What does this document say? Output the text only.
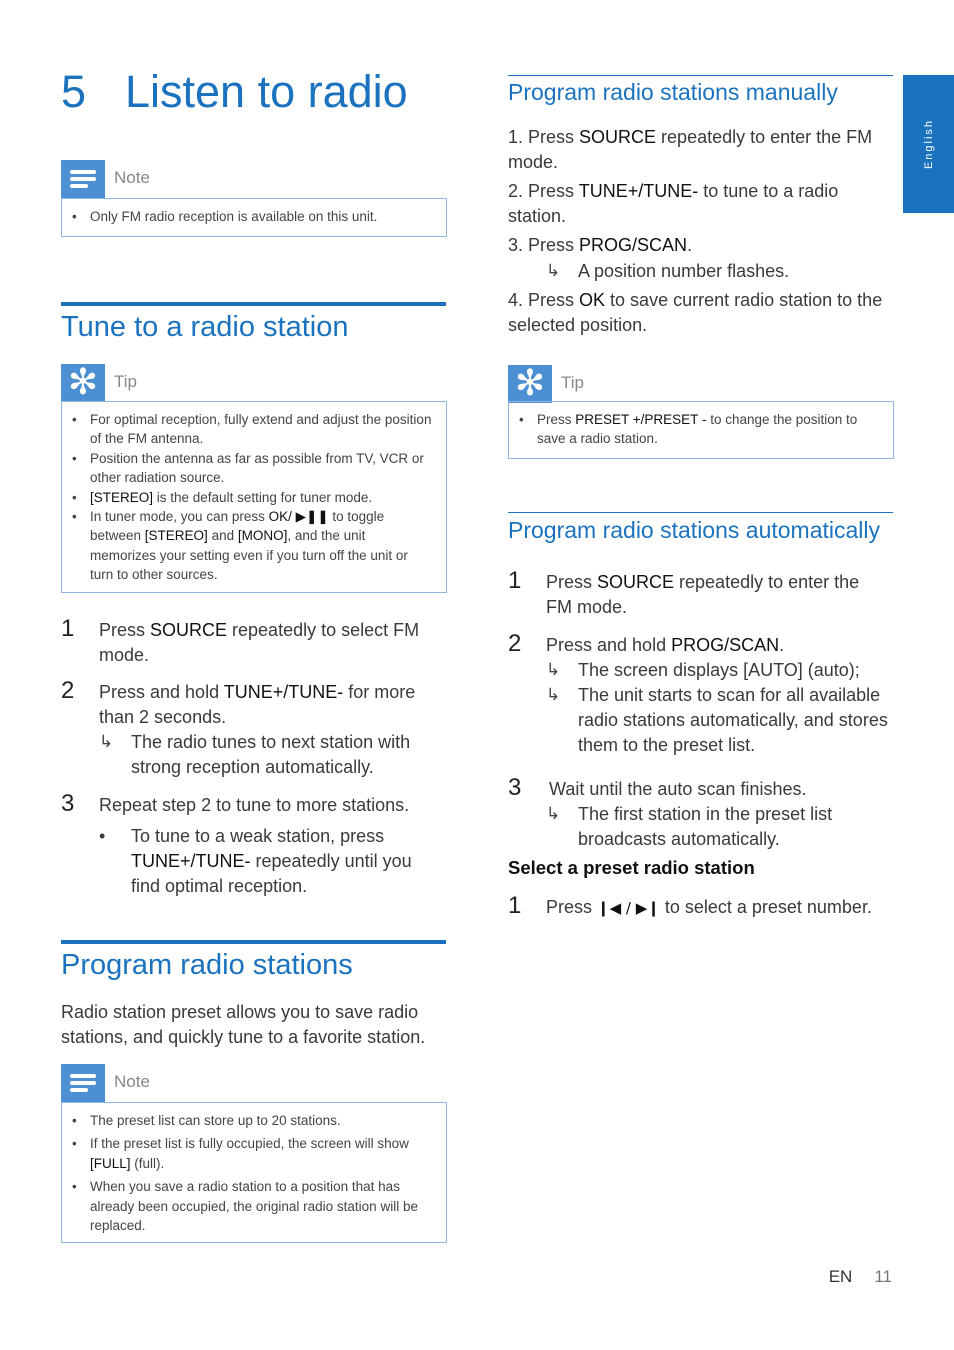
5 Listen to radio
English
Note
• Only FM radio reception is available on this unit.
Tune to a radio station
✻ Tip
• For optimal reception, fully extend and adjust the position of the FM antenna.
• Position the antenna as far as possible from TV, VCR or other radiation source.
• [STEREO] is the default setting for tuner mode.
• In tuner mode, you can press OK/ ▶❚❚ to toggle between [STEREO] and [MONO], and the unit memorizes your setting even if you turn off the unit or turn to other sources.
1 Press SOURCE repeatedly to select FM mode.
2 Press and hold TUNE+/TUNE- for more than 2 seconds.
↳ The radio tunes to next station with strong reception automatically.
3 Repeat step 2 to tune to more stations.
• To tune to a weak station, press TUNE+/TUNE- repeatedly until you find optimal reception.
Program radio stations
Radio station preset allows you to save radio stations, and quickly tune to a favorite station.
Note
• The preset list can store up to 20 stations.
• If the preset list is fully occupied, the screen will show [FULL] (full).
• When you save a radio station to a position that has already been occupied, the original radio station will be replaced.
Program radio stations manually
1. Press SOURCE repeatedly to enter the FM mode.
2. Press TUNE+/TUNE- to tune to a radio station.
3. Press PROG/SCAN.
↳ A position number flashes.
4. Press OK to save current radio station to the selected position.
✻ Tip
• Press PRESET +/PRESET - to change the position to save a radio station.
Program radio stations automatically
1 Press SOURCE repeatedly to enter the FM mode.
2 Press and hold PROG/SCAN.
↳ The screen displays [AUTO] (auto);
↳ The unit starts to scan for all available radio stations automatically, and stores them to the preset list.
3 Wait until the auto scan finishes.
↳ The first station in the preset list broadcasts automatically.
Select a preset radio station
1 Press ❙◀ / ▶❙ to select a preset number.
EN 11
